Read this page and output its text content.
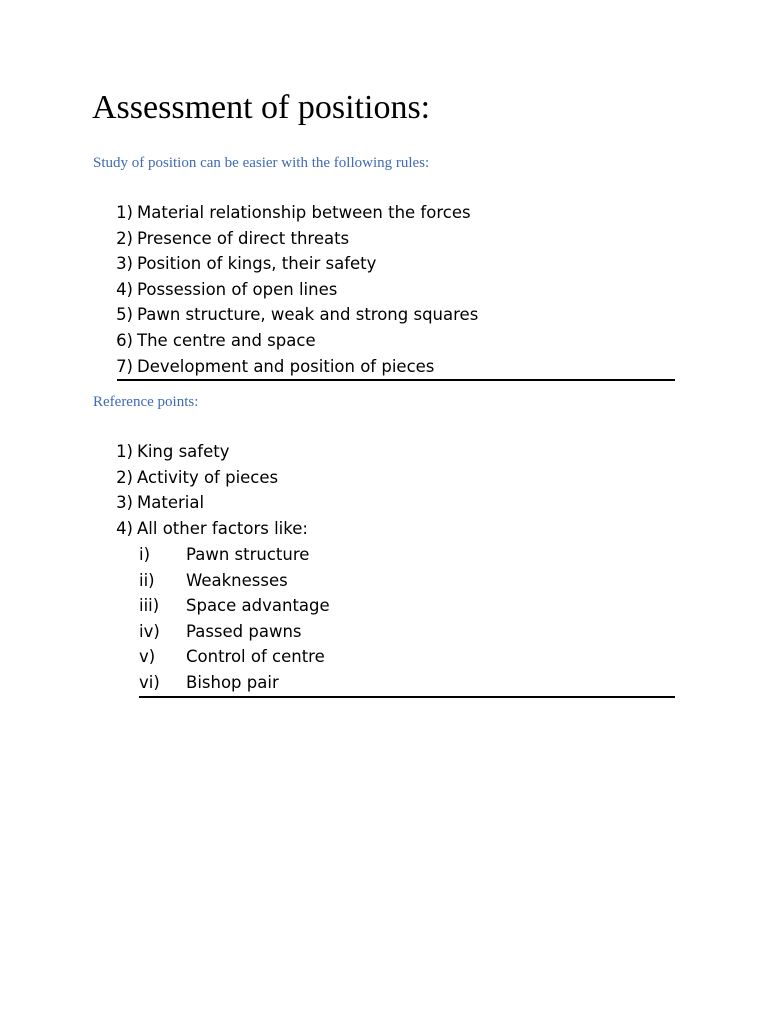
Assessment of positions:
Study of position can be easier with the following rules:
1) Material relationship between the forces
2) Presence of direct threats
3) Position of kings, their safety
4) Possession of open lines
5) Pawn structure, weak and strong squares
6) The centre and space
7) Development and position of pieces
Reference points:
1) King safety
2) Activity of pieces
3) Material
4) All other factors like:
i)	Pawn structure
ii)	Weaknesses
iii)	Space advantage
iv)	Passed pawns
v)	Control of centre
vi)	Bishop pair
